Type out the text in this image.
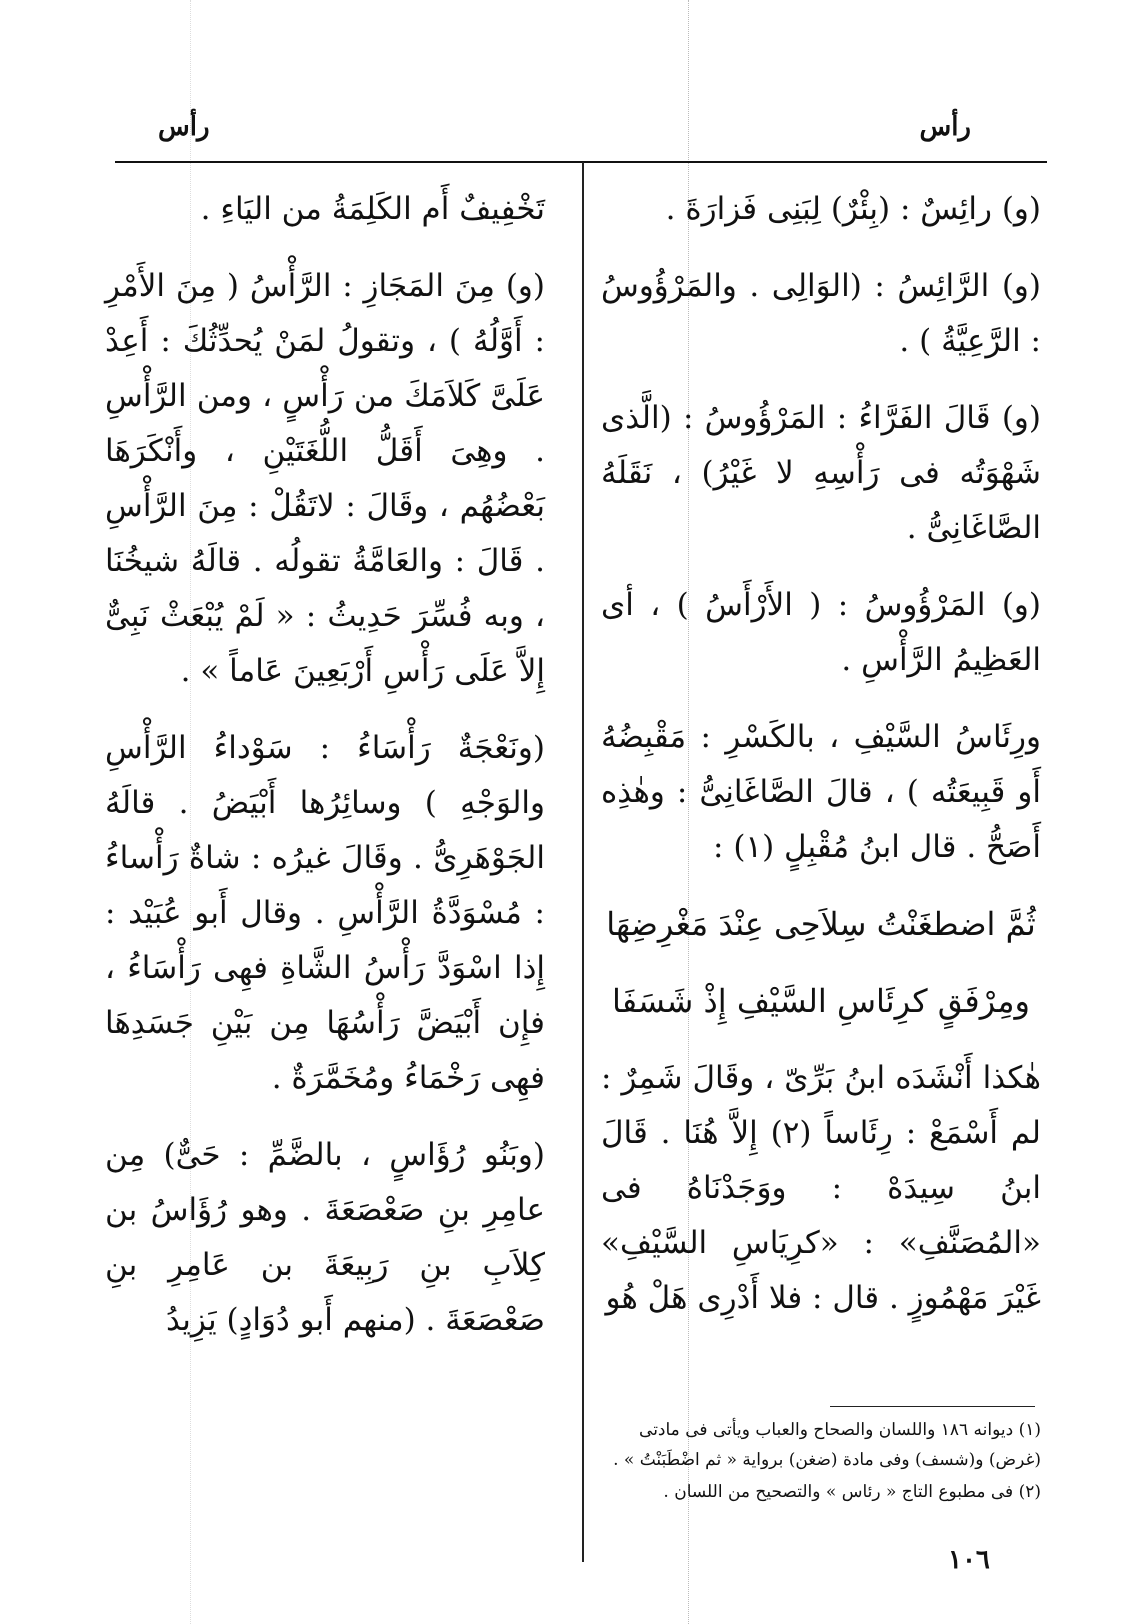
رأس
رأس

(و) رائِسٌ : (بِئْرٌ) لِبَنِى فَزارَةَ .

(و) الرَّائِسُ : (الوَالِى . والمَرْؤُوسُ : الرَّعِيَّةُ ) .

(و) قَالَ الفَرَّاءُ : المَرْؤُوسُ : (الَّذى شَهْوَتُه فى رَأْسِهِ لا غَيْرُ) ، نَقَلَهُ الصَّاغَانِىُّ .

(و) المَرْؤُوسُ : ( الأَرْأَسُ ) ، أى العَظِيمُ الرَّأْسِ .

ورِئَاسُ السَّيْفِ ، بالكَسْرِ : مَقْبِضُهُ أَو قَبِيعَتُه ) ، قالَ الصَّاغَانِىُّ : وهٰذِه أَصَحُّ . قال ابنُ مُقْبِلٍ (١) :

ثُمَّ اضطغَنْتُ سِلاَحِى عِنْدَ مَغْرِضِهَا

ومِرْفَقٍ كرِئَاسِ السَّيْفِ إِذْ شَسَفَا

هٰكذا أَنْشَدَه ابنُ بَرِّىّ ، وقَالَ شَمِرٌ : لم أَسْمَعْ : رِئَاساً (٢) إِلاَّ هُنَا . قَالَ ابنُ سِيدَهْ : ووَجَدْنَاهُ فى «المُصَنَّفِ» : «كرِيَاسِ السَّيْفِ» غَيْرَ مَهْمُوزٍ . قال : فلا أَدْرِى هَلْ هُو

تَخْفِيفٌ أَم الكَلِمَةُ من اليَاءِ .

(و) مِنَ المَجَازِ : الرَّأْسُ ( مِنَ الأَمْرِ : أَوَّلُهُ ) ، وتقولُ لمَنْ يُحدِّثُكَ : أَعِدْ عَلَىَّ كَلاَمَكَ من رَأْسٍ ، ومن الرَّأْسِ . وهِىَ أَقَلُّ اللُّغَتَيْنِ ، وأَنْكَرَهَا بَعْضُهُم ، وقَالَ : لاتَقُلْ : مِنَ الرَّأْسِ . قَالَ : والعَامَّةُ تقولُه . قالَهُ شيخُنَا ، وبه فُسِّرَ حَدِيثُ : « لَمْ يُبْعَثْ نَبِىٌّ إِلاَّ عَلَى رَأْسِ أَرْبَعِينَ عَاماً » .

(ونَعْجَةٌ رَأْسَاءُ : سَوْداءُ الرَّأْسِ والوَجْهِ ) وسائِرُها أَبْيَضُ . قالَهُ الجَوْهَرِىُّ . وقَالَ غيرُه : شاةٌ رَأْساءُ : مُسْوَدَّةُ الرَّأْسِ . وقال أَبو عُبَيْد : إِذا اسْوَدَّ رَأْسُ الشَّاةِ فهِى رَأْسَاءُ ، فإِن أَبْيَضَّ رَأْسُهَا مِن بَيْنِ جَسَدِهَا فهِى رَخْمَاءُ ومُخَمَّرَةٌ .

(وبَنُو رُؤَاسٍ ، بالضَّمِّ : حَىٌّ) مِن عامِرِ بنِ صَعْصَعَةَ . وهو رُؤَاسُ بن كِلاَبِ بنِ رَبِيعَةَ بن عَامِرِ بنِ صَعْصَعَةَ . (منهم أَبو دُوَادٍ) يَزِيدُ

(١) ديوانه ١٨٦ واللسان والصحاح والعباب ويأتى فى مادتى (غرض) و(شسف) وفى مادة (ضغن) برواية « ثم اضْطَبَنْتُ » .

(٢) فى مطبوع التاج « رئاس » والتصحيح من اللسان .

١٠٦
